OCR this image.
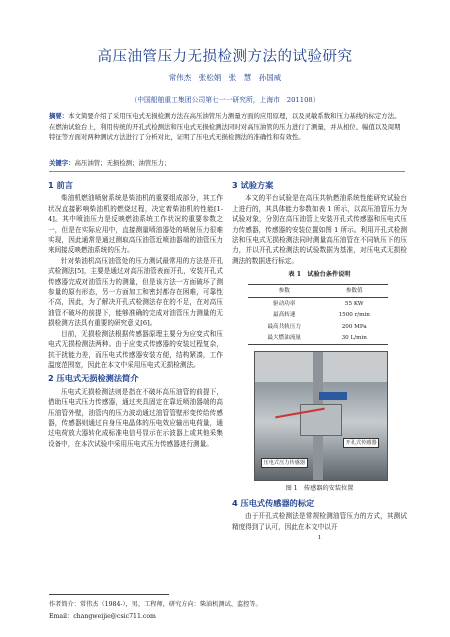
高压油管压力无损检测方法的试验研究
常伟杰　张松娟　张　慧　孙国威
（中国船舶重工集团公司第七一一研究所，上海市　201108）
摘要：本文简要介绍了采用压电式无损检测方法在高压油管压力测量方面的应用原理，以及灵敏系数和压力基线的标定方法。在燃油试验台上，利用传统的开孔式检测法和压电式无损检测法同时对高压油管的压力进行了测量，并从相位、幅值以及周期特征等方面对两种测试方法进行了分析对比，证明了压电式无损检测法的准确性和有效性。
关键字：高压油管；无损检测；油管压力；
1 前言

柴油机燃油喷射系统是柴油机的重要组成部分，其工作状况直接影响柴油机的燃烧过程，决定着柴油机的性能[1-4]。其中喷油压力是反映燃油系统工作状况的重要参数之一，但是在实际应用中，直接测量喷油器处的喷射压力很难实现，因此通常是通过测取高压油管近喷油器端的油管压力来间接反映燃油系统的压力。

针对柴油机高压油管处的压力测试最常用的方法是开孔式检测法[5]，主要是通过对高压油管表面开孔，安装开孔式传感器完成对油管压力的测量，但是该方法一方面破坏了测参量的原有形态，另一方面加工和密封都存在困难，可靠性不高，因此，为了解决开孔式检测法存在的不足，在对高压油管不破坏的前提下，能够准确的完成对油管压力测量的无损检测方法具有重要的研究意义[6]。

目前，无损检测法根据传感器原理主要分为应变式和压电式无损检测法两种。由于应变式传感器的安装过程复杂，抗干扰能力差，而压电式传感器安装方便，结构紧凑，工作温度范围宽，因此在本文中采用压电式无损检测法。

2 压电式无损检测法简介

压电式无损检测法则是指在不破坏高压油管的前提下，借助压电式压力传感器，通过夹具固定在靠近喷油器端的高压油管外壁，油管内的压力波动通过油管管壁形变传给传感器，传感器则通过自身压电晶体的压电效应输出电荷量，通过电荷放大器转化成标准电信号显示在示波器上或其他采集设备中，在本次试验中采用压电式压力传感器进行测量。

3 试验方案

本文的平台试验是在高压共轨燃油系统性能研究试验台上进行的，其具体能力参数如表 1 所示，以高压油管压力为试验对象，分别在高压油管上安装开孔式传感器和压电式压力传感器，传感器的安装位置如图 1 所示。利用开孔式检测法和压电式无损检测法同时测量高压油管在不同轨压下的压力，并以开孔式检测法的试验数据为基准，对压电式无损检测法的数据进行标定。

表 1　试验台条件说明
参数	参数值
驱动功率	55 KW
最高转速	1500 r/min
最高共轨压力	200 MPa
最大燃油流量	30 L/min
开孔式传感器
压电式压力传感器
图 1　传感器的安装位置
4 压电式传感器的标定

由于开孔式检测法是常规检测油管压力的方式，其测试精度得到了认可，因此在本文中以开

1
作者简介：常伟杰（1984-），男，工程师，研究方向：柴油机测试、监控等。
Email：changweijie@csic711.com
